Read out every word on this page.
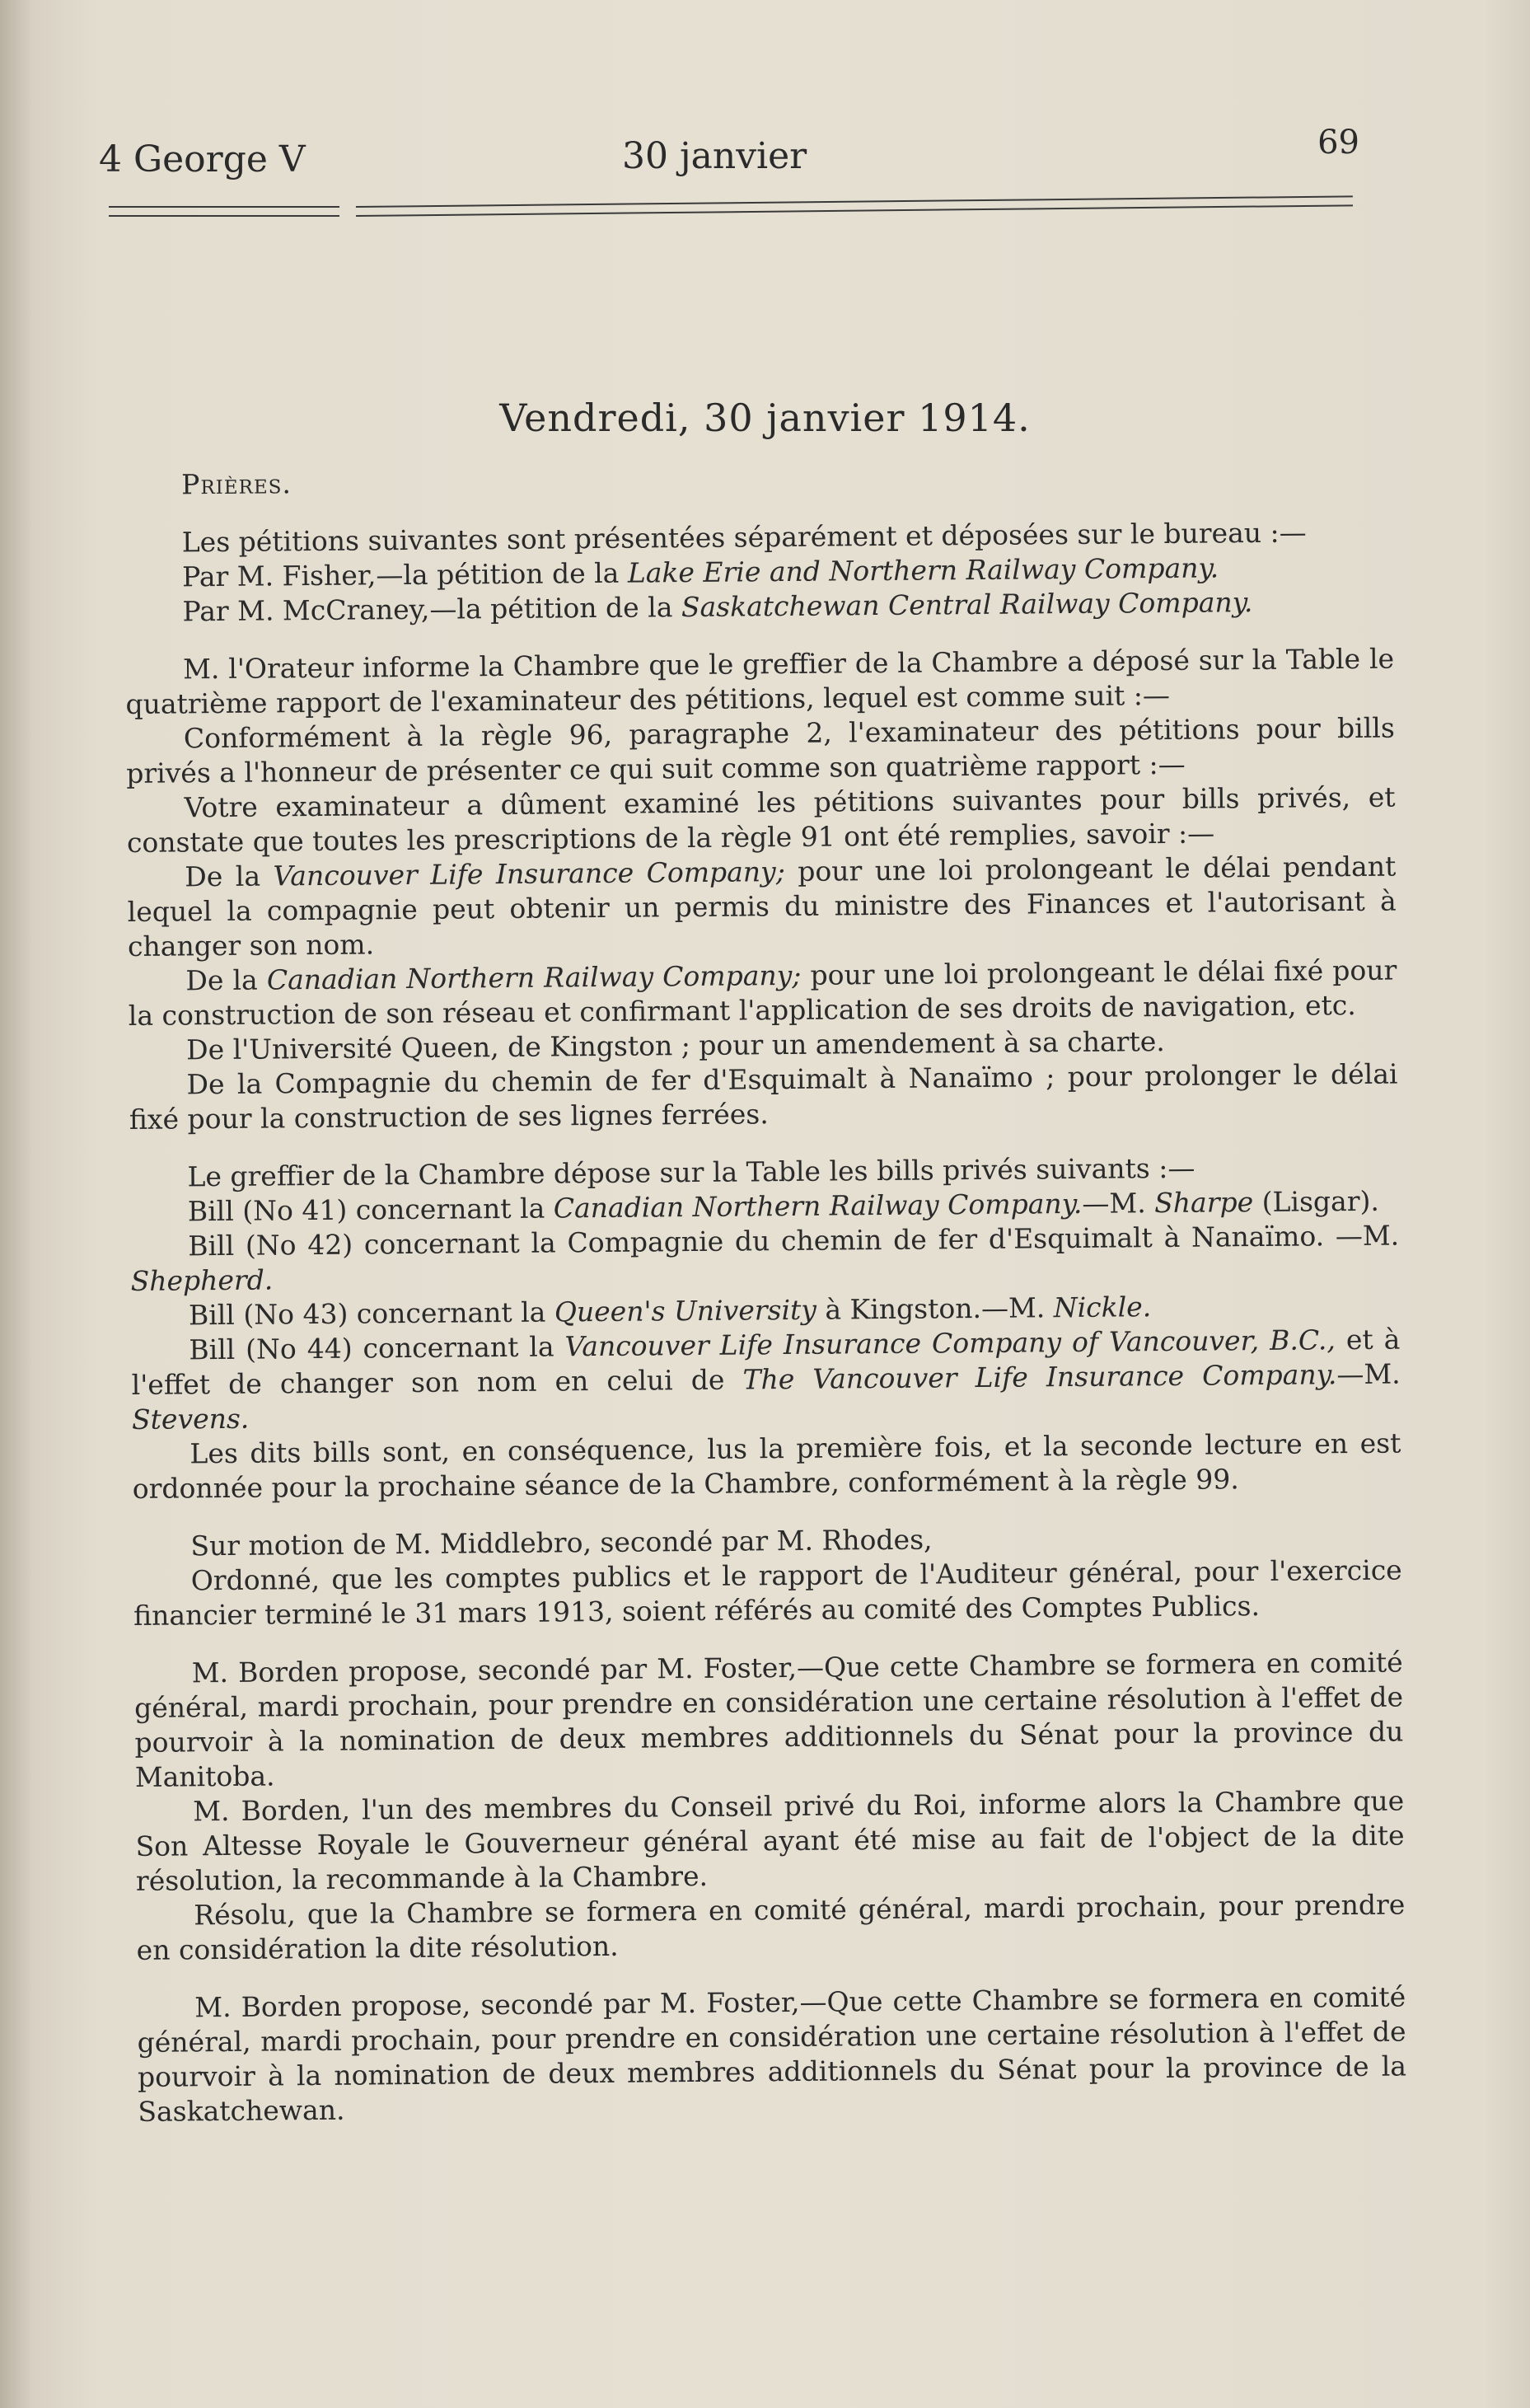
4 George V	30 janvier	69
Vendredi, 30 janvier 1914.

Prières.

Les pétitions suivantes sont présentées séparément et déposées sur le bureau :—

Par M. Fisher,—la pétition de la Lake Erie and Northern Railway Company.

Par M. McCraney,—la pétition de la Saskatchewan Central Railway Company.

M. l'Orateur informe la Chambre que le greffier de la Chambre a déposé sur la Table le quatrième rapport de l'examinateur des pétitions, lequel est comme suit :—

Conformément à la règle 96, paragraphe 2, l'examinateur des pétitions pour bills privés a l'honneur de présenter ce qui suit comme son quatrième rapport :—

Votre examinateur a dûment examiné les pétitions suivantes pour bills privés, et constate que toutes les prescriptions de la règle 91 ont été remplies, savoir :—

De la Vancouver Life Insurance Company; pour une loi prolongeant le délai pendant lequel la compagnie peut obtenir un permis du ministre des Finances et l'autorisant à changer son nom.

De la Canadian Northern Railway Company; pour une loi prolongeant le délai fixé pour la construction de son réseau et confirmant l'application de ses droits de navigation, etc.

De l'Université Queen, de Kingston ; pour un amendement à sa charte.

De la Compagnie du chemin de fer d'Esquimalt à Nanaïmo ; pour prolonger le délai fixé pour la construction de ses lignes ferrées.

Le greffier de la Chambre dépose sur la Table les bills privés suivants :—

Bill (No 41) concernant la Canadian Northern Railway Company.—M. Sharpe (Lisgar).

Bill (No 42) concernant la Compagnie du chemin de fer d'Esquimalt à Nanaïmo. —M. Shepherd.

Bill (No 43) concernant la Queen's University à Kingston.—M. Nickle.

Bill (No 44) concernant la Vancouver Life Insurance Company of Vancouver, B.C., et à l'effet de changer son nom en celui de The Vancouver Life Insurance Company.—M. Stevens.

Les dits bills sont, en conséquence, lus la première fois, et la seconde lecture en est ordonnée pour la prochaine séance de la Chambre, conformément à la règle 99.

Sur motion de M. Middlebro, secondé par M. Rhodes,

Ordonné, que les comptes publics et le rapport de l'Auditeur général, pour l'exercice financier terminé le 31 mars 1913, soient référés au comité des Comptes Publics.

M. Borden propose, secondé par M. Foster,—Que cette Chambre se formera en comité général, mardi prochain, pour prendre en considération une certaine résolution à l'effet de pourvoir à la nomination de deux membres additionnels du Sénat pour la province du Manitoba.

M. Borden, l'un des membres du Conseil privé du Roi, informe alors la Chambre que Son Altesse Royale le Gouverneur général ayant été mise au fait de l'object de la dite résolution, la recommande à la Chambre.

Résolu, que la Chambre se formera en comité général, mardi prochain, pour prendre en considération la dite résolution.

M. Borden propose, secondé par M. Foster,—Que cette Chambre se formera en comité général, mardi prochain, pour prendre en considération une certaine résolution à l'effet de pourvoir à la nomination de deux membres additionnels du Sénat pour la province de la Saskatchewan.
